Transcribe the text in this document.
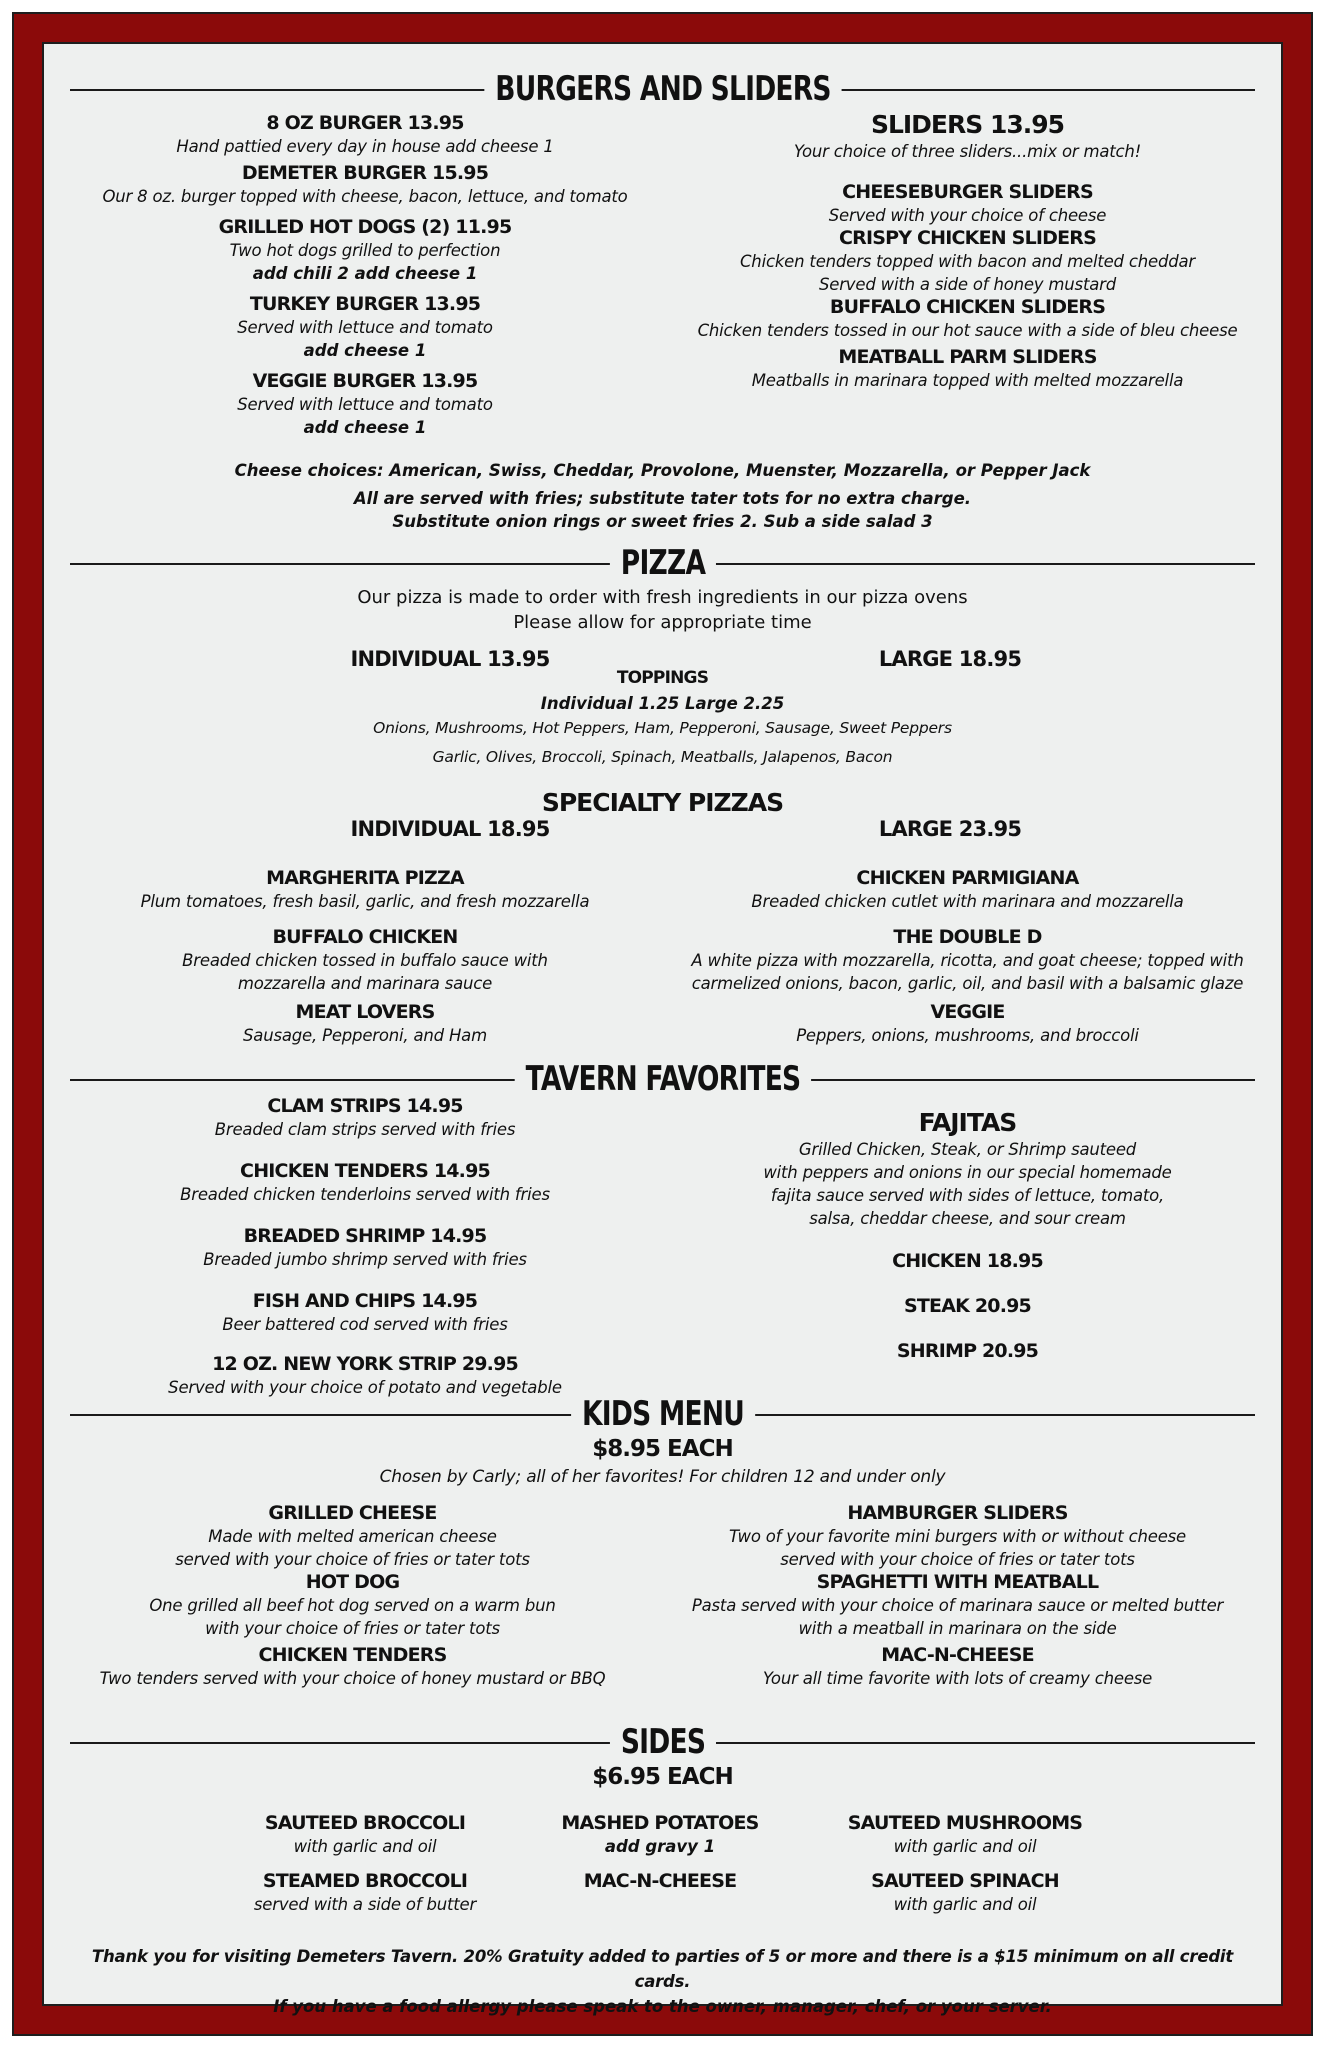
BURGERS AND SLIDERS
8 OZ BURGER 13.95
Hand pattied every day in house add cheese 1
DEMETER BURGER 15.95
Our 8 oz. burger topped with cheese, bacon, lettuce, and tomato
GRILLED HOT DOGS (2) 11.95
Two hot dogs grilled to perfection
add chili 2 add cheese 1
TURKEY BURGER 13.95
Served with lettuce and tomato
add cheese 1
VEGGIE BURGER 13.95
Served with lettuce and tomato
add cheese 1
SLIDERS 13.95
Your choice of three sliders...mix or match!
CHEESEBURGER SLIDERS
Served with your choice of cheese
CRISPY CHICKEN SLIDERS
Chicken tenders topped with bacon and melted cheddar
Served with a side of honey mustard
BUFFALO CHICKEN SLIDERS
Chicken tenders tossed in our hot sauce with a side of bleu cheese
MEATBALL PARM SLIDERS
Meatballs in marinara topped with melted mozzarella
Cheese choices: American, Swiss, Cheddar, Provolone, Muenster, Mozzarella, or Pepper Jack
All are served with fries; substitute tater tots for no extra charge.
Substitute onion rings or sweet fries 2. Sub a side salad 3
PIZZA
Our pizza is made to order with fresh ingredients in our pizza ovens
Please allow for appropriate time
INDIVIDUAL 13.95	LARGE 18.95
TOPPINGS
Individual 1.25 Large 2.25
Onions, Mushrooms, Hot Peppers, Ham, Pepperoni, Sausage, Sweet Peppers
Garlic, Olives, Broccoli, Spinach, Meatballs, Jalapenos, Bacon
SPECIALTY PIZZAS
INDIVIDUAL 18.95	LARGE 23.95
MARGHERITA PIZZA
Plum tomatoes, fresh basil, garlic, and fresh mozzarella
BUFFALO CHICKEN
Breaded chicken tossed in buffalo sauce with
mozzarella and marinara sauce
MEAT LOVERS
Sausage, Pepperoni, and Ham
CHICKEN PARMIGIANA
Breaded chicken cutlet with marinara and mozzarella
THE DOUBLE D
A white pizza with mozzarella, ricotta, and goat cheese; topped with
carmelized onions, bacon, garlic, oil, and basil with a balsamic glaze
VEGGIE
Peppers, onions, mushrooms, and broccoli
TAVERN FAVORITES
CLAM STRIPS 14.95
Breaded clam strips served with fries
CHICKEN TENDERS 14.95
Breaded chicken tenderloins served with fries
BREADED SHRIMP 14.95
Breaded jumbo shrimp served with fries
FISH AND CHIPS 14.95
Beer battered cod served with fries
12 OZ. NEW YORK STRIP 29.95
Served with your choice of potato and vegetable
FAJITAS
Grilled Chicken, Steak, or Shrimp sauteed
with peppers and onions in our special homemade
fajita sauce served with sides of lettuce, tomato,
salsa, cheddar cheese, and sour cream
CHICKEN 18.95
STEAK 20.95
SHRIMP 20.95
KIDS MENU
$8.95 EACH
Chosen by Carly; all of her favorites! For children 12 and under only
GRILLED CHEESE
Made with melted american cheese
served with your choice of fries or tater tots
HOT DOG
One grilled all beef hot dog served on a warm bun
with your choice of fries or tater tots
CHICKEN TENDERS
Two tenders served with your choice of honey mustard or BBQ
HAMBURGER SLIDERS
Two of your favorite mini burgers with or without cheese
served with your choice of fries or tater tots
SPAGHETTI WITH MEATBALL
Pasta served with your choice of marinara sauce or melted butter
with a meatball in marinara on the side
MAC-N-CHEESE
Your all time favorite with lots of creamy cheese
SIDES
$6.95 EACH
SAUTEED BROCCOLI
with garlic and oil
STEAMED BROCCOLI
served with a side of butter
MASHED POTATOES
add gravy 1
MAC-N-CHEESE
SAUTEED MUSHROOMS
with garlic and oil
SAUTEED SPINACH
with garlic and oil
Thank you for visiting Demeters Tavern. 20% Gratuity added to parties of 5 or more and there is a $15 minimum on all credit cards.
If you have a food allergy please speak to the owner, manager, chef, or your server.
